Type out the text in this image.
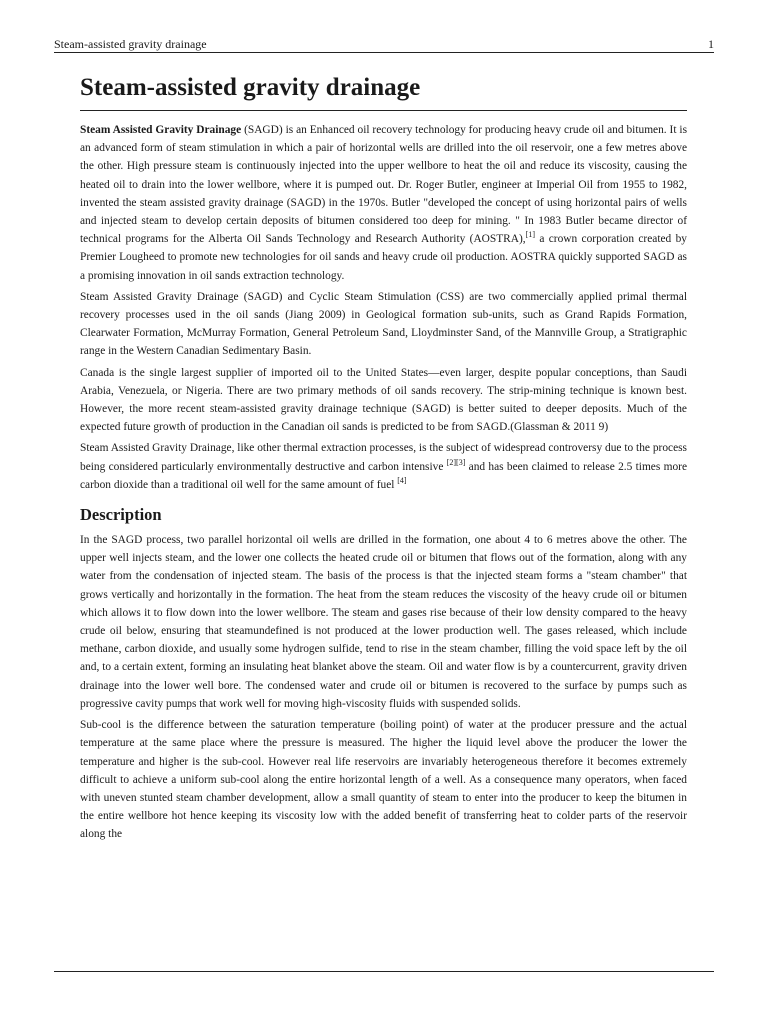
Steam-assisted gravity drainage	1
Steam-assisted gravity drainage

Steam Assisted Gravity Drainage (SAGD) is an Enhanced oil recovery technology for producing heavy crude oil and bitumen. It is an advanced form of steam stimulation in which a pair of horizontal wells are drilled into the oil reservoir, one a few metres above the other. High pressure steam is continuously injected into the upper wellbore to heat the oil and reduce its viscosity, causing the heated oil to drain into the lower wellbore, where it is pumped out. Dr. Roger Butler, engineer at Imperial Oil from 1955 to 1982, invented the steam assisted gravity drainage (SAGD) in the 1970s. Butler "developed the concept of using horizontal pairs of wells and injected steam to develop certain deposits of bitumen considered too deep for mining. " In 1983 Butler became director of technical programs for the Alberta Oil Sands Technology and Research Authority (AOSTRA),[1] a crown corporation created by Premier Lougheed to promote new technologies for oil sands and heavy crude oil production. AOSTRA quickly supported SAGD as a promising innovation in oil sands extraction technology.

Steam Assisted Gravity Drainage (SAGD) and Cyclic Steam Stimulation (CSS) are two commercially applied primal thermal recovery processes used in the oil sands (Jiang 2009) in Geological formation sub-units, such as Grand Rapids Formation, Clearwater Formation, McMurray Formation, General Petroleum Sand, Lloydminster Sand, of the Mannville Group, a Stratigraphic range in the Western Canadian Sedimentary Basin.

Canada is the single largest supplier of imported oil to the United States—even larger, despite popular conceptions, than Saudi Arabia, Venezuela, or Nigeria. There are two primary methods of oil sands recovery. The strip-mining technique is known best. However, the more recent steam-assisted gravity drainage technique (SAGD) is better suited to deeper deposits. Much of the expected future growth of production in the Canadian oil sands is predicted to be from SAGD.(Glassman & 2011 9)

Steam Assisted Gravity Drainage, like other thermal extraction processes, is the subject of widespread controversy due to the process being considered particularly environmentally destructive and carbon intensive [2][3] and has been claimed to release 2.5 times more carbon dioxide than a traditional oil well for the same amount of fuel [4]

Description

In the SAGD process, two parallel horizontal oil wells are drilled in the formation, one about 4 to 6 metres above the other. The upper well injects steam, and the lower one collects the heated crude oil or bitumen that flows out of the formation, along with any water from the condensation of injected steam. The basis of the process is that the injected steam forms a "steam chamber" that grows vertically and horizontally in the formation. The heat from the steam reduces the viscosity of the heavy crude oil or bitumen which allows it to flow down into the lower wellbore. The steam and gases rise because of their low density compared to the heavy crude oil below, ensuring that steamundefined is not produced at the lower production well. The gases released, which include methane, carbon dioxide, and usually some hydrogen sulfide, tend to rise in the steam chamber, filling the void space left by the oil and, to a certain extent, forming an insulating heat blanket above the steam. Oil and water flow is by a countercurrent, gravity driven drainage into the lower well bore. The condensed water and crude oil or bitumen is recovered to the surface by pumps such as progressive cavity pumps that work well for moving high-viscosity fluids with suspended solids.

Sub-cool is the difference between the saturation temperature (boiling point) of water at the producer pressure and the actual temperature at the same place where the pressure is measured. The higher the liquid level above the producer the lower the temperature and higher is the sub-cool. However real life reservoirs are invariably heterogeneous therefore it becomes extremely difficult to achieve a uniform sub-cool along the entire horizontal length of a well. As a consequence many operators, when faced with uneven stunted steam chamber development, allow a small quantity of steam to enter into the producer to keep the bitumen in the entire wellbore hot hence keeping its viscosity low with the added benefit of transferring heat to colder parts of the reservoir along the
